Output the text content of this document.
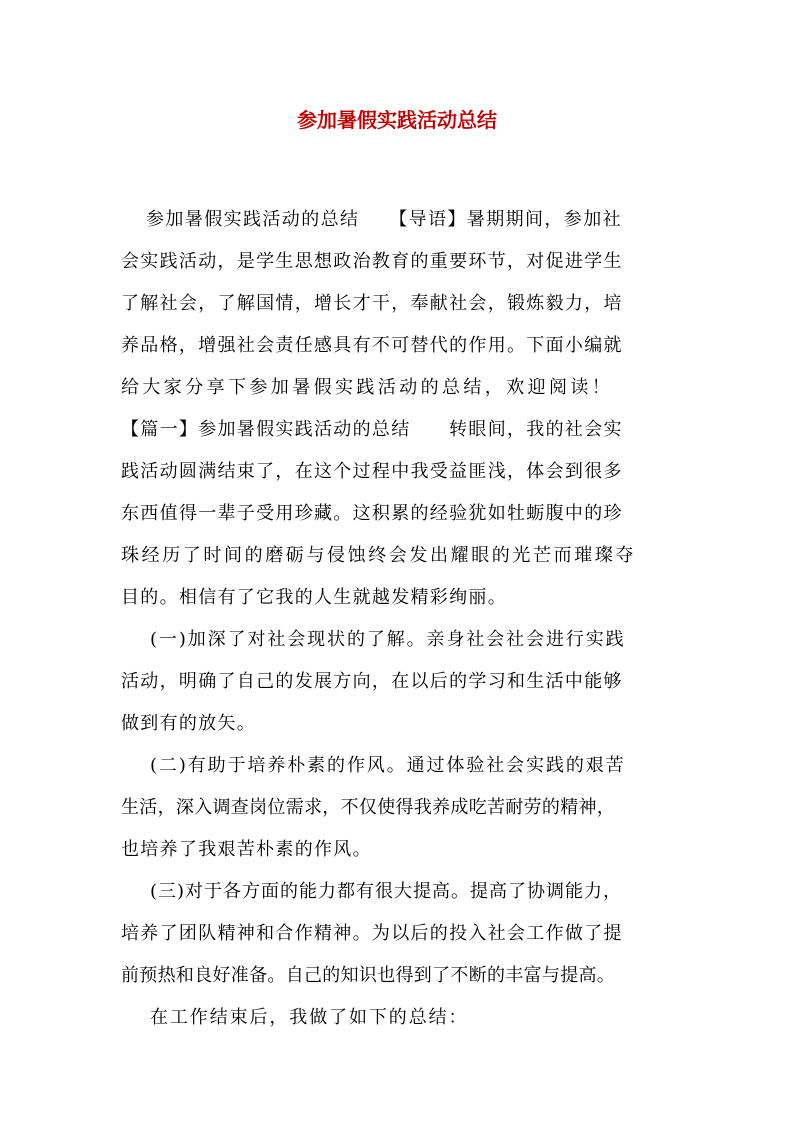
参加暑假实践活动总结

参加暑假实践活动的总结　　【导语】暑期期间，参加社

会实践活动，是学生思想政治教育的重要环节，对促进学生

了解社会，了解国情，增长才干，奉献社会，锻炼毅力，培

养品格，增强社会责任感具有不可替代的作用。下面小编就

给大家分享下参加暑假实践活动的总结，欢迎阅读！

【篇一】参加暑假实践活动的总结　　转眼间，我的社会实

践活动圆满结束了，在这个过程中我受益匪浅，体会到很多

东西值得一辈子受用珍藏。这积累的经验犹如牡蛎腹中的珍

珠经历了时间的磨砺与侵蚀终会发出耀眼的光芒而璀璨夺

目的。相信有了它我的人生就越发精彩绚丽。

(一)加深了对社会现状的了解。亲身社会社会进行实践

活动，明确了自己的发展方向，在以后的学习和生活中能够

做到有的放矢。

(二)有助于培养朴素的作风。通过体验社会实践的艰苦

生活，深入调查岗位需求，不仅使得我养成吃苦耐劳的精神，

也培养了我艰苦朴素的作风。

(三)对于各方面的能力都有很大提高。提高了协调能力，

培养了团队精神和合作精神。为以后的投入社会工作做了提

前预热和良好准备。自己的知识也得到了不断的丰富与提高。

在工作结束后，我做了如下的总结：
